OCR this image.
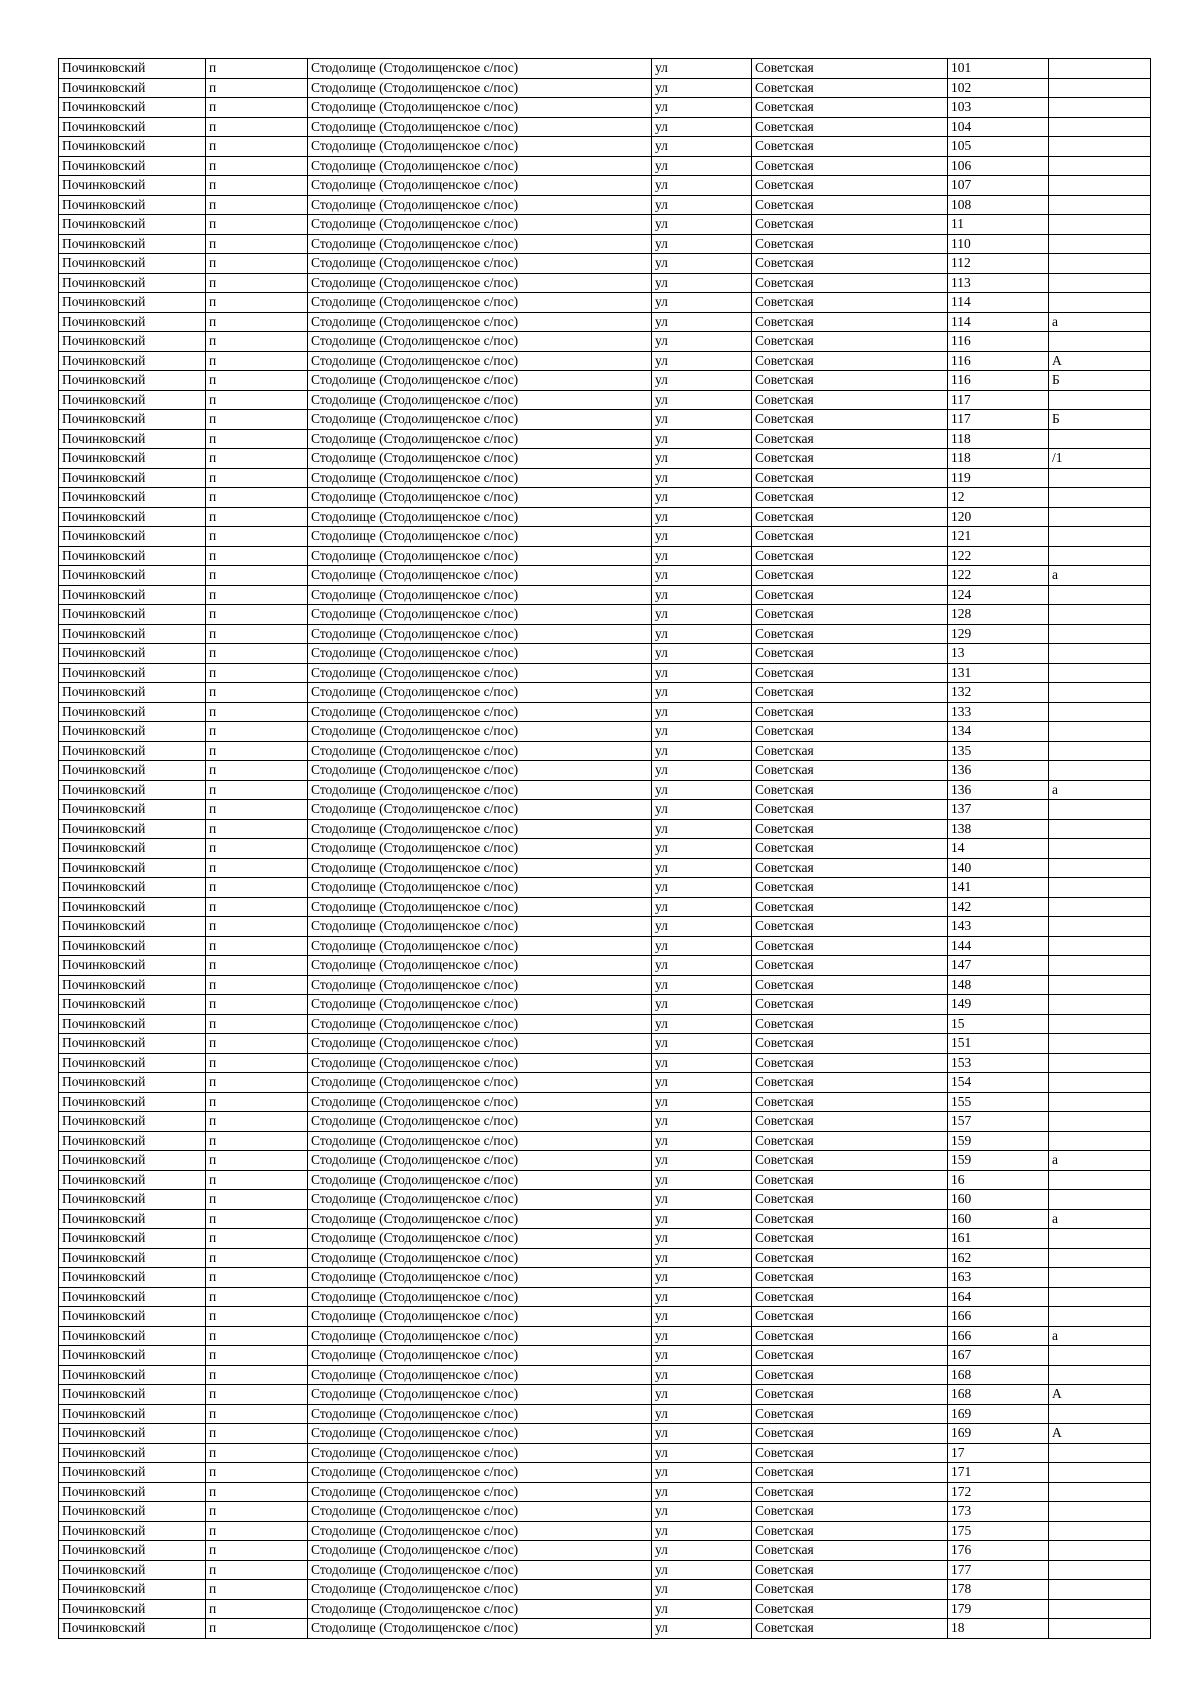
Починковский	п	Стодолище (Стодолищенское с/пос)	ул	Советская	101	
Починковский	п	Стодолище (Стодолищенское с/пос)	ул	Советская	102	
Починковский	п	Стодолище (Стодолищенское с/пос)	ул	Советская	103	
Починковский	п	Стодолище (Стодолищенское с/пос)	ул	Советская	104	
Починковский	п	Стодолище (Стодолищенское с/пос)	ул	Советская	105	
Починковский	п	Стодолище (Стодолищенское с/пос)	ул	Советская	106	
Починковский	п	Стодолище (Стодолищенское с/пос)	ул	Советская	107	
Починковский	п	Стодолище (Стодолищенское с/пос)	ул	Советская	108	
Починковский	п	Стодолище (Стодолищенское с/пос)	ул	Советская	11	
Починковский	п	Стодолище (Стодолищенское с/пос)	ул	Советская	110	
Починковский	п	Стодолище (Стодолищенское с/пос)	ул	Советская	112	
Починковский	п	Стодолище (Стодолищенское с/пос)	ул	Советская	113	
Починковский	п	Стодолище (Стодолищенское с/пос)	ул	Советская	114	
Починковский	п	Стодолище (Стодолищенское с/пос)	ул	Советская	114	а
Починковский	п	Стодолище (Стодолищенское с/пос)	ул	Советская	116	
Починковский	п	Стодолище (Стодолищенское с/пос)	ул	Советская	116	А
Починковский	п	Стодолище (Стодолищенское с/пос)	ул	Советская	116	Б
Починковский	п	Стодолище (Стодолищенское с/пос)	ул	Советская	117	
Починковский	п	Стодолище (Стодолищенское с/пос)	ул	Советская	117	Б
Починковский	п	Стодолище (Стодолищенское с/пос)	ул	Советская	118	
Починковский	п	Стодолище (Стодолищенское с/пос)	ул	Советская	118	/1
Починковский	п	Стодолище (Стодолищенское с/пос)	ул	Советская	119	
Починковский	п	Стодолище (Стодолищенское с/пос)	ул	Советская	12	
Починковский	п	Стодолище (Стодолищенское с/пос)	ул	Советская	120	
Починковский	п	Стодолище (Стодолищенское с/пос)	ул	Советская	121	
Починковский	п	Стодолище (Стодолищенское с/пос)	ул	Советская	122	
Починковский	п	Стодолище (Стодолищенское с/пос)	ул	Советская	122	а
Починковский	п	Стодолище (Стодолищенское с/пос)	ул	Советская	124	
Починковский	п	Стодолище (Стодолищенское с/пос)	ул	Советская	128	
Починковский	п	Стодолище (Стодолищенское с/пос)	ул	Советская	129	
Починковский	п	Стодолище (Стодолищенское с/пос)	ул	Советская	13	
Починковский	п	Стодолище (Стодолищенское с/пос)	ул	Советская	131	
Починковский	п	Стодолище (Стодолищенское с/пос)	ул	Советская	132	
Починковский	п	Стодолище (Стодолищенское с/пос)	ул	Советская	133	
Починковский	п	Стодолище (Стодолищенское с/пос)	ул	Советская	134	
Починковский	п	Стодолище (Стодолищенское с/пос)	ул	Советская	135	
Починковский	п	Стодолище (Стодолищенское с/пос)	ул	Советская	136	
Починковский	п	Стодолище (Стодолищенское с/пос)	ул	Советская	136	а
Починковский	п	Стодолище (Стодолищенское с/пос)	ул	Советская	137	
Починковский	п	Стодолище (Стодолищенское с/пос)	ул	Советская	138	
Починковский	п	Стодолище (Стодолищенское с/пос)	ул	Советская	14	
Починковский	п	Стодолище (Стодолищенское с/пос)	ул	Советская	140	
Починковский	п	Стодолище (Стодолищенское с/пос)	ул	Советская	141	
Починковский	п	Стодолище (Стодолищенское с/пос)	ул	Советская	142	
Починковский	п	Стодолище (Стодолищенское с/пос)	ул	Советская	143	
Починковский	п	Стодолище (Стодолищенское с/пос)	ул	Советская	144	
Починковский	п	Стодолище (Стодолищенское с/пос)	ул	Советская	147	
Починковский	п	Стодолище (Стодолищенское с/пос)	ул	Советская	148	
Починковский	п	Стодолище (Стодолищенское с/пос)	ул	Советская	149	
Починковский	п	Стодолище (Стодолищенское с/пос)	ул	Советская	15	
Починковский	п	Стодолище (Стодолищенское с/пос)	ул	Советская	151	
Починковский	п	Стодолище (Стодолищенское с/пос)	ул	Советская	153	
Починковский	п	Стодолище (Стодолищенское с/пос)	ул	Советская	154	
Починковский	п	Стодолище (Стодолищенское с/пос)	ул	Советская	155	
Починковский	п	Стодолище (Стодолищенское с/пос)	ул	Советская	157	
Починковский	п	Стодолище (Стодолищенское с/пос)	ул	Советская	159	
Починковский	п	Стодолище (Стодолищенское с/пос)	ул	Советская	159	а
Починковский	п	Стодолище (Стодолищенское с/пос)	ул	Советская	16	
Починковский	п	Стодолище (Стодолищенское с/пос)	ул	Советская	160	
Починковский	п	Стодолище (Стодолищенское с/пос)	ул	Советская	160	а
Починковский	п	Стодолище (Стодолищенское с/пос)	ул	Советская	161	
Починковский	п	Стодолище (Стодолищенское с/пос)	ул	Советская	162	
Починковский	п	Стодолище (Стодолищенское с/пос)	ул	Советская	163	
Починковский	п	Стодолище (Стодолищенское с/пос)	ул	Советская	164	
Починковский	п	Стодолище (Стодолищенское с/пос)	ул	Советская	166	
Починковский	п	Стодолище (Стодолищенское с/пос)	ул	Советская	166	а
Починковский	п	Стодолище (Стодолищенское с/пос)	ул	Советская	167	
Починковский	п	Стодолище (Стодолищенское с/пос)	ул	Советская	168	
Починковский	п	Стодолище (Стодолищенское с/пос)	ул	Советская	168	А
Починковский	п	Стодолище (Стодолищенское с/пос)	ул	Советская	169	
Починковский	п	Стодолище (Стодолищенское с/пос)	ул	Советская	169	А
Починковский	п	Стодолище (Стодолищенское с/пос)	ул	Советская	17	
Починковский	п	Стодолище (Стодолищенское с/пос)	ул	Советская	171	
Починковский	п	Стодолище (Стодолищенское с/пос)	ул	Советская	172	
Починковский	п	Стодолище (Стодолищенское с/пос)	ул	Советская	173	
Починковский	п	Стодолище (Стодолищенское с/пос)	ул	Советская	175	
Починковский	п	Стодолище (Стодолищенское с/пос)	ул	Советская	176	
Починковский	п	Стодолище (Стодолищенское с/пос)	ул	Советская	177	
Починковский	п	Стодолище (Стодолищенское с/пос)	ул	Советская	178	
Починковский	п	Стодолище (Стодолищенское с/пос)	ул	Советская	179	
Починковский	п	Стодолище (Стодолищенское с/пос)	ул	Советская	18	
